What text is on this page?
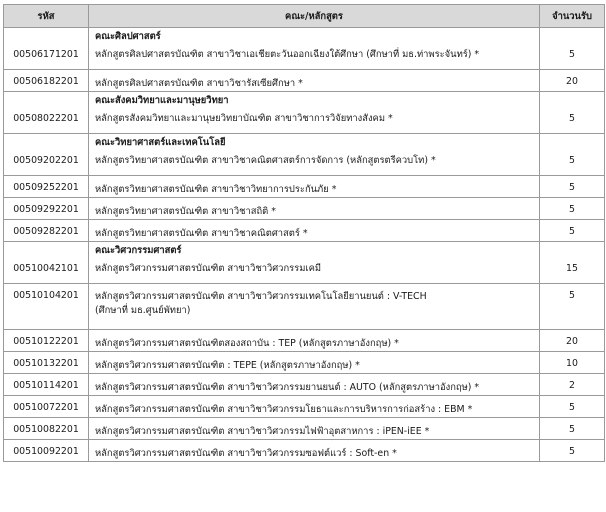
รหัส	คณะ/หลักสูตร	จำนวนรับ

00506171201	คณะศิลปศาสตร์
หลักสูตรศิลปศาสตรบัณฑิต สาขาวิชาเอเชียตะวันออกเฉียงใต้ศึกษา (ศึกษาที่ มธ.ท่าพระจันทร์) *	5

00506182201	หลักสูตรศิลปศาสตรบัณฑิต สาขาวิชารัสเซียศึกษา *	20

00508022201	คณะสังคมวิทยาและมานุษยวิทยา
หลักสูตรสังคมวิทยาและมานุษยวิทยาบัณฑิต สาขาวิชาการวิจัยทางสังคม *	5

00509202201	คณะวิทยาศาสตร์และเทคโนโลยี
หลักสูตรวิทยาศาสตรบัณฑิต สาขาวิชาคณิตศาสตร์การจัดการ (หลักสูตรตรีควบโท) *	5

00509252201	หลักสูตรวิทยาศาสตรบัณฑิต สาขาวิชาวิทยาการประกันภัย *	5
00509292201	หลักสูตรวิทยาศาสตรบัณฑิต สาขาวิชาสถิติ *	5
00509282201	หลักสูตรวิทยาศาสตรบัณฑิต สาขาวิชาคณิตศาสตร์ *	5

00510042101	คณะวิศวกรรมศาสตร์
หลักสูตรวิศวกรรมศาสตรบัณฑิต สาขาวิชาวิศวกรรมเคมี	15

00510104201	หลักสูตรวิศวกรรมศาสตรบัณฑิต สาขาวิชาวิศวกรรมเทคโนโลยียานยนต์ : V-TECH
(ศึกษาที่ มธ.ศูนย์พัทยา)	5
00510122201	หลักสูตรวิศวกรรมศาสตรบัณฑิตสองสถาบัน : TEP (หลักสูตรภาษาอังกฤษ) *	20
00510132201	หลักสูตรวิศวกรรมศาสตรบัณฑิต : TEPE (หลักสูตรภาษาอังกฤษ) *	10
00510114201	หลักสูตรวิศวกรรมศาสตรบัณฑิต สาขาวิชาวิศวกรรมยานยนต์ : AUTO (หลักสูตรภาษาอังกฤษ) *	2
00510072201	หลักสูตรวิศวกรรมศาสตรบัณฑิต สาขาวิชาวิศวกรรมโยธาและการบริหารการก่อสร้าง : EBM *	5
00510082201	หลักสูตรวิศวกรรมศาสตรบัณฑิต สาขาวิชาวิศวกรรมไฟฟ้าอุตสาหการ : iPEN-iEE *	5
00510092201	หลักสูตรวิศวกรรมศาสตรบัณฑิต สาขาวิชาวิศวกรรมซอฟต์แวร์ : Soft-en *	5
